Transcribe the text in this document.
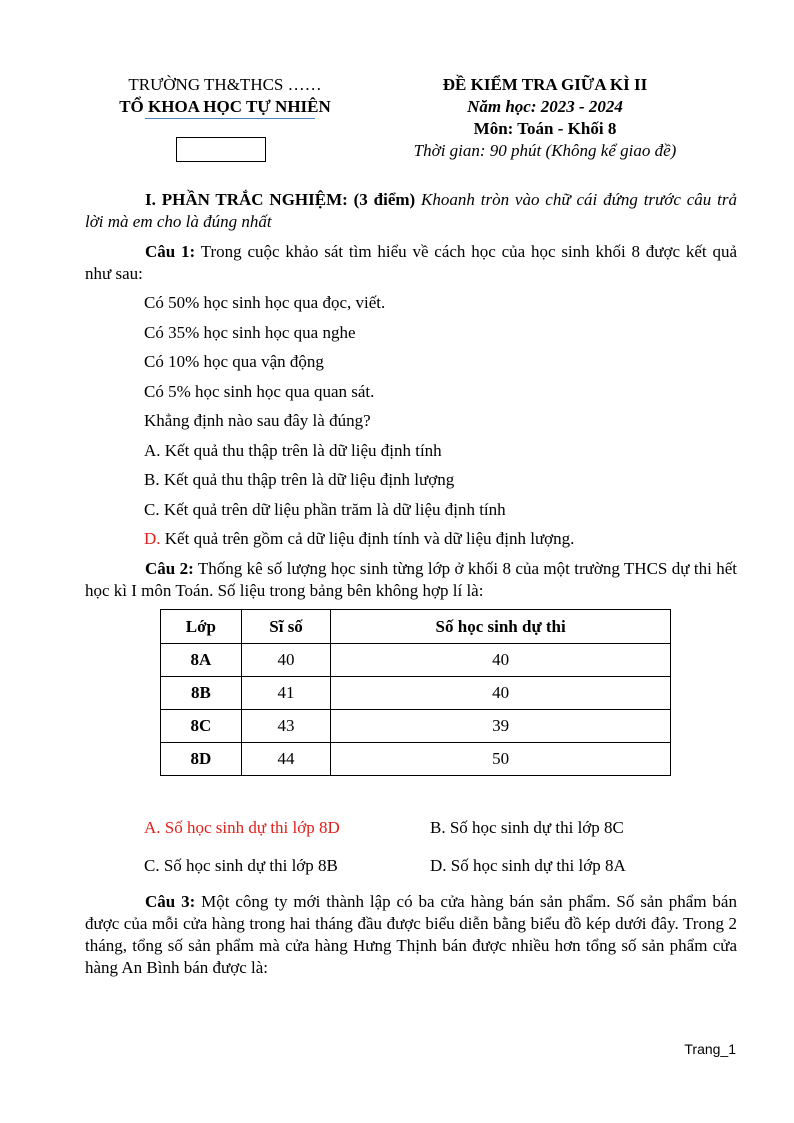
TRƯỜNG TH&THCS ……
TỔ KHOA HỌC TỰ NHIÊN
ĐỀ KIỂM TRA GIỮA KÌ II
Năm học: 2023 - 2024
Môn: Toán - Khối 8
Thời gian: 90 phút (Không kể giao đề)
I. PHẦN TRẮC NGHIỆM: (3 điểm) Khoanh tròn vào chữ cái đứng trước câu trả lời mà em cho là đúng nhất
Câu 1: Trong cuộc khảo sát tìm hiểu về cách học của học sinh khối 8 được kết quả như sau:
Có 50% học sinh học qua đọc, viết.
Có 35% học sinh học qua nghe
Có 10% học qua vận động
Có 5% học sinh học qua quan sát.
Khẳng định nào sau đây là đúng?
A. Kết quả thu thập trên là dữ liệu định tính
B. Kết quả thu thập trên là dữ liệu định lượng
C. Kết quả trên dữ liệu phần trăm là dữ liệu định tính
D. Kết quả trên gồm cả dữ liệu định tính và dữ liệu định lượng.
Câu 2: Thống kê số lượng học sinh từng lớp ở khối 8 của một trường THCS dự thi hết học kì I môn Toán. Số liệu trong bảng bên không hợp lí là:
Lớp	Sĩ số	Số học sinh dự thi
8A	40	40
8B	41	40
8C	43	39
8D	44	50
A. Số học sinh dự thi lớp 8D	B. Số học sinh dự thi lớp 8C
C. Số học sinh dự thi lớp 8B	D. Số học sinh dự thi lớp 8A
Câu 3: Một công ty mới thành lập có ba cửa hàng bán sản phẩm. Số sản phẩm bán được của mỗi cửa hàng trong hai tháng đầu được biểu diễn bằng biểu đồ kép dưới đây. Trong 2 tháng, tổng số sản phẩm mà cửa hàng Hưng Thịnh bán được nhiều hơn tổng số sản phẩm cửa hàng An Bình bán được là:
Trang_1
